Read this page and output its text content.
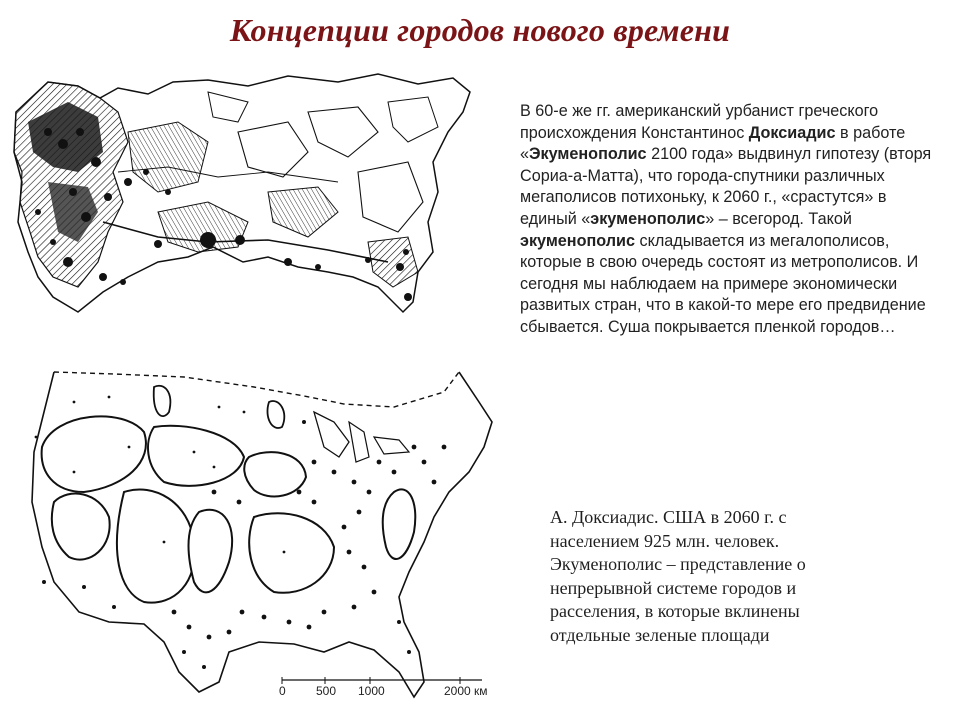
Концепции городов нового времени
В 60-е же гг. американский урбанист греческого происхождения Константинос Доксиадис в работе «Экуменополис 2100 года» выдвинул гипотезу (вторя Сориа-а-Матта), что города-спутники различных мегаполисов потихоньку, к 2060 г., «срастутся» в единый «экуменополис» – всегород. Такой экуменополис складывается из мегалополисов, которые в свою очередь состоят из метрополисов. И сегодня мы наблюдаем на примере экономически развитых стран, что в какой-то мере его предвидение сбывается. Суша покрывается пленкой городов…
А. Доксиадис. США в 2060 г. с
населением 925 млн. человек.
Экуменополис – представление о
непрерывной системе городов и
расселения, в которые вклинены
отдельные зеленые площади
0	500 1000	2000 км
